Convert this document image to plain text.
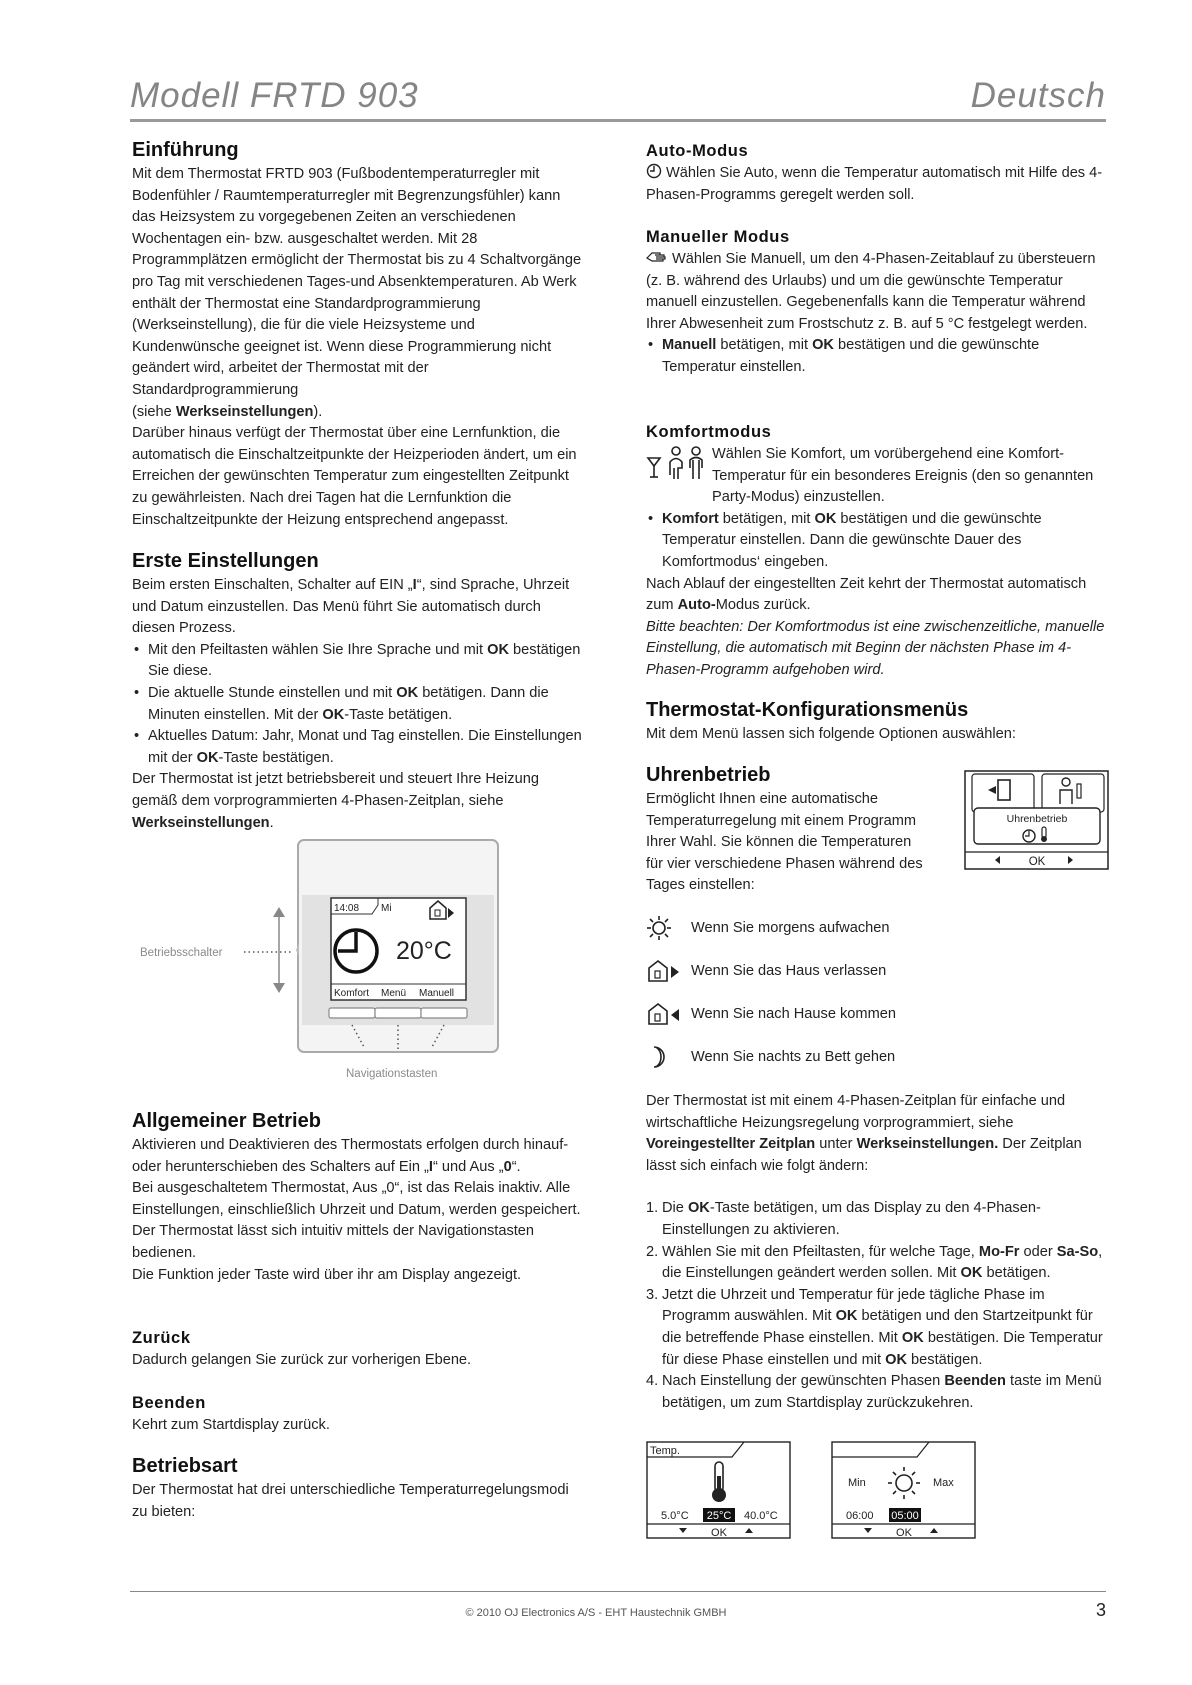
Modell FRTD 903	Deutsch
Einführung

Mit dem Thermostat FRTD 903 (Fußbodentemperaturregler mit Bodenfühler / Raumtemperaturregler mit Begrenzungsfühler) kann das Heizsystem zu vorgegebenen Zeiten an verschiedenen Wochentagen ein- bzw. ausgeschaltet werden. Mit 28 Programmplätzen ermöglicht der Thermostat bis zu 4 Schaltvorgänge pro Tag mit verschiedenen Tages-und Absenktemperaturen. Ab Werk enthält der Thermostat eine Standardprogrammierung (Werkseinstellung), die für die viele Heizsysteme und Kundenwünsche geeignet ist. Wenn diese Programmierung nicht geändert wird, arbeitet der Thermostat mit der Standardprogrammierung

(siehe Werkseinstellungen).

Darüber hinaus verfügt der Thermostat über eine Lernfunktion, die automatisch die Einschaltzeitpunkte der Heizperioden ändert, um ein Erreichen der gewünschten Temperatur zum eingestellten Zeitpunkt zu gewährleisten. Nach drei Tagen hat die Lernfunktion die Einschaltzeitpunkte der Heizung entsprechend angepasst.

Erste Einstellungen

Beim ersten Einschalten, Schalter auf EIN „I“, sind Sprache, Uhrzeit und Datum einzustellen. Das Menü führt Sie automatisch durch diesen Prozess.

• Mit den Pfeiltasten wählen Sie Ihre Sprache und mit OK bestätigen Sie diese.
• Die aktuelle Stunde einstellen und mit OK betätigen. Dann die Minuten einstellen. Mit der OK-Taste betätigen.
• Aktuelles Datum: Jahr, Monat und Tag einstellen. Die Einstellungen mit der OK-Taste bestätigen.

Der Thermostat ist jetzt betriebsbereit und steuert Ihre Heizung gemäß dem vorprogrammierten 4-Phasen-Zeitplan, siehe Werkseinstellungen.

14:08 Mi
20°C
Komfort Menü Manuell
Betriebsschalter
Navigationstasten
Allgemeiner Betrieb

Aktivieren und Deaktivieren des Thermostats erfolgen durch hinauf- oder herunterschieben des Schalters auf Ein „I“ und Aus „0“.

Bei ausgeschaltetem Thermostat, Aus „0“, ist das Relais inaktiv. Alle Einstellungen, einschließlich Uhrzeit und Datum, werden gespeichert.

Der Thermostat lässt sich intuitiv mittels der Navigationstasten bedienen.

Die Funktion jeder Taste wird über ihr am Display angezeigt.

Zurück

Dadurch gelangen Sie zurück zur vorherigen Ebene.

Beenden

Kehrt zum Startdisplay zurück.

Betriebsart

Der Thermostat hat drei unterschiedliche Temperaturregelungsmodi zu bieten:

Auto-Modus

Wählen Sie Auto, wenn die Temperatur automatisch mit Hilfe des 4-Phasen-Programms geregelt werden soll.

Manueller Modus

Wählen Sie Manuell, um den 4-Phasen-Zeitablauf zu übersteuern (z. B. während des Urlaubs) und um die gewünschte Temperatur manuell einzustellen. Gegebenenfalls kann die Temperatur während Ihrer Abwesenheit zum Frostschutz z. B. auf 5 °C festgelegt werden.

• Manuell betätigen, mit OK bestätigen und die gewünschte Temperatur einstellen.
Komfortmodus

Wählen Sie Komfort, um vorübergehend eine Komfort-Temperatur für ein besonderes Ereignis (den so genannten Party-Modus) einzustellen.

• Komfort betätigen, mit OK bestätigen und die gewünschte Temperatur einstellen. Dann die gewünschte Dauer des Komfortmodus‘ eingeben.

Nach Ablauf der eingestellten Zeit kehrt der Thermostat automatisch zum Auto-Modus zurück.

Bitte beachten: Der Komfortmodus ist eine zwischenzeitliche, manuelle Einstellung, die automatisch mit Beginn der nächsten Phase im 4-Phasen-Programm aufgehoben wird.

Thermostat-Konfigurationsmenüs

Mit dem Menü lassen sich folgende Optionen auswählen:

Uhrenbetrieb

Ermöglicht Ihnen eine automatische Temperaturregelung mit einem Programm Ihrer Wahl. Sie können die Temperaturen für vier verschiedene Phasen während des Tages einstellen:

Uhrenbetrieb
OK
Wenn Sie morgens aufwachen
Wenn Sie das Haus verlassen
Wenn Sie nach Hause kommen
Wenn Sie nachts zu Bett gehen

Der Thermostat ist mit einem 4-Phasen-Zeitplan für einfache und wirtschaftliche Heizungsregelung vorprogrammiert, siehe Voreingestellter Zeitplan unter Werkseinstellungen. Der Zeitplan lässt sich einfach wie folgt ändern:

1. Die OK-Taste betätigen, um das Display zu den 4-Phasen-Einstellungen zu aktivieren.
2. Wählen Sie mit den Pfeiltasten, für welche Tage, Mo-Fr oder Sa-So, die Einstellungen geändert werden sollen. Mit OK betätigen.
3. Jetzt die Uhrzeit und Temperatur für jede tägliche Phase im Programm auswählen. Mit OK betätigen und den Startzeitpunkt für die betreffende Phase einstellen. Mit OK bestätigen. Die Temperatur für diese Phase einstellen und mit OK bestätigen.
4. Nach Einstellung der gewünschten Phasen Beenden taste im Menü betätigen, um zum Startdisplay zurückzukehren.
Temp.
5.0°C 25°C 40.0°C
OK
Min	Max
06:00 05:00
OK
© 2010 OJ Electronics A/S - EHT Haustechnik GMBH	3
